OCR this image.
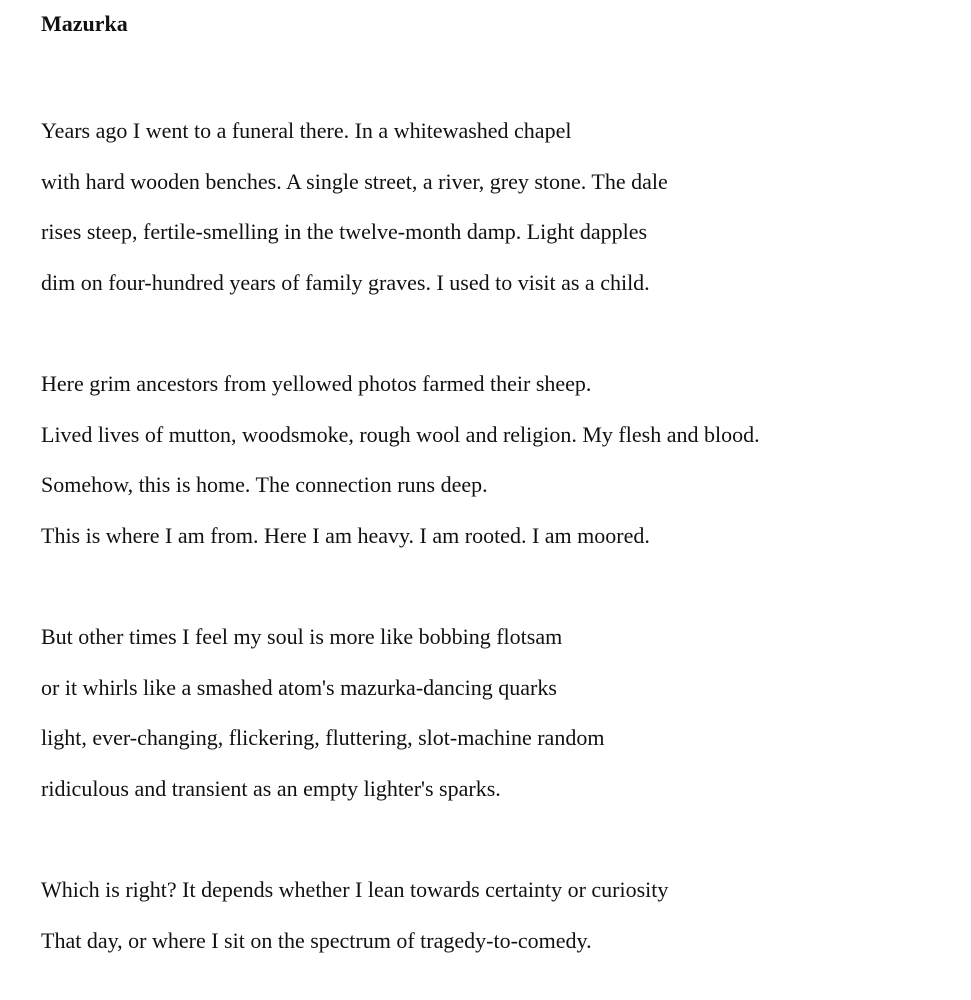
Mazurka

Years ago I went to a funeral there. In a whitewashed chapel

with hard wooden benches. A single street, a river, grey stone. The dale

rises steep, fertile-smelling in the twelve-month damp. Light dapples

dim on four-hundred years of family graves. I used to visit as a child.

Here grim ancestors from yellowed photos farmed their sheep.

Lived lives of mutton, woodsmoke, rough wool and religion. My flesh and blood.

Somehow, this is home. The connection runs deep.

This is where I am from. Here I am heavy. I am rooted. I am moored.

But other times I feel my soul is more like bobbing flotsam

or it whirls like a smashed atom's mazurka-dancing quarks

light, ever-changing, flickering, fluttering, slot-machine random

ridiculous and transient as an empty lighter's sparks.

Which is right? It depends whether I lean towards certainty or curiosity

That day, or where I sit on the spectrum of tragedy-to-comedy.
